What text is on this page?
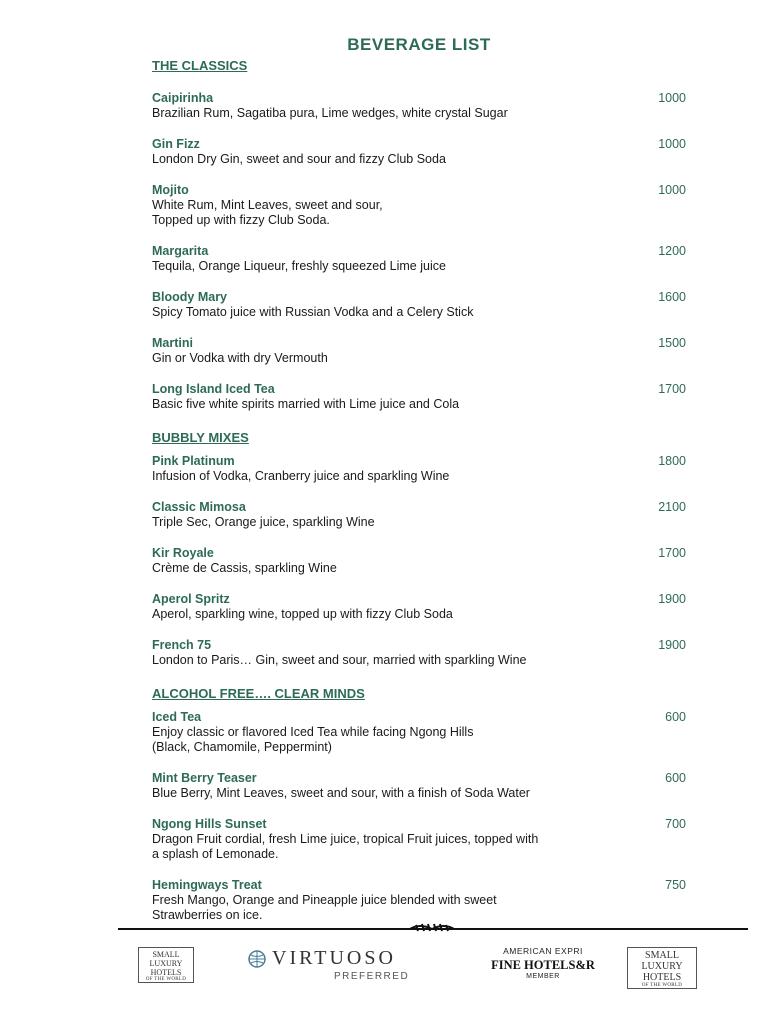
BEVERAGE LIST
THE CLASSICS
Caipirinha	1000
Brazilian Rum, Sagatiba pura, Lime wedges, white crystal Sugar
Gin Fizz	1000
London Dry Gin, sweet and sour and fizzy Club Soda
Mojito	1000
White Rum, Mint Leaves, sweet and sour,
Topped up with fizzy Club Soda.
Margarita	1200
Tequila, Orange Liqueur, freshly squeezed Lime juice
Bloody Mary	1600
Spicy Tomato juice with Russian Vodka and a Celery Stick
Martini	1500
Gin or Vodka with dry Vermouth
Long Island Iced Tea	1700
Basic five white spirits married with Lime juice and Cola
BUBBLY MIXES
Pink Platinum	1800
Infusion of Vodka, Cranberry juice and sparkling Wine
Classic Mimosa	2100
Triple Sec, Orange juice, sparkling Wine
Kir Royale	1700
Crème de Cassis, sparkling Wine
Aperol Spritz	1900
Aperol, sparkling wine, topped up with fizzy Club Soda
French 75	1900
London to Paris… Gin, sweet and sour, married with sparkling Wine
ALCOHOL FREE…. CLEAR MINDS
Iced Tea	600
Enjoy classic or flavored Iced Tea while facing Ngong Hills
(Black, Chamomile, Peppermint)
Mint Berry Teaser	600
Blue Berry, Mint Leaves, sweet and sour, with a finish of Soda Water
Ngong Hills Sunset	700
Dragon Fruit cordial, fresh Lime juice, tropical Fruit juices, topped with
a splash of Lemonade.
Hemingways Treat	750
Fresh Mango, Orange and Pineapple juice blended with sweet
Strawberries on ice.
SMALL
LUXURY
HOTELS
OF THE WORLD
VIRTUOSO
PREFERRED
AMERICAN EXPRI
FINE HOTELS&R
MEMBER
SMALL
LUXURY
HOTELS
OF THE WORLD
